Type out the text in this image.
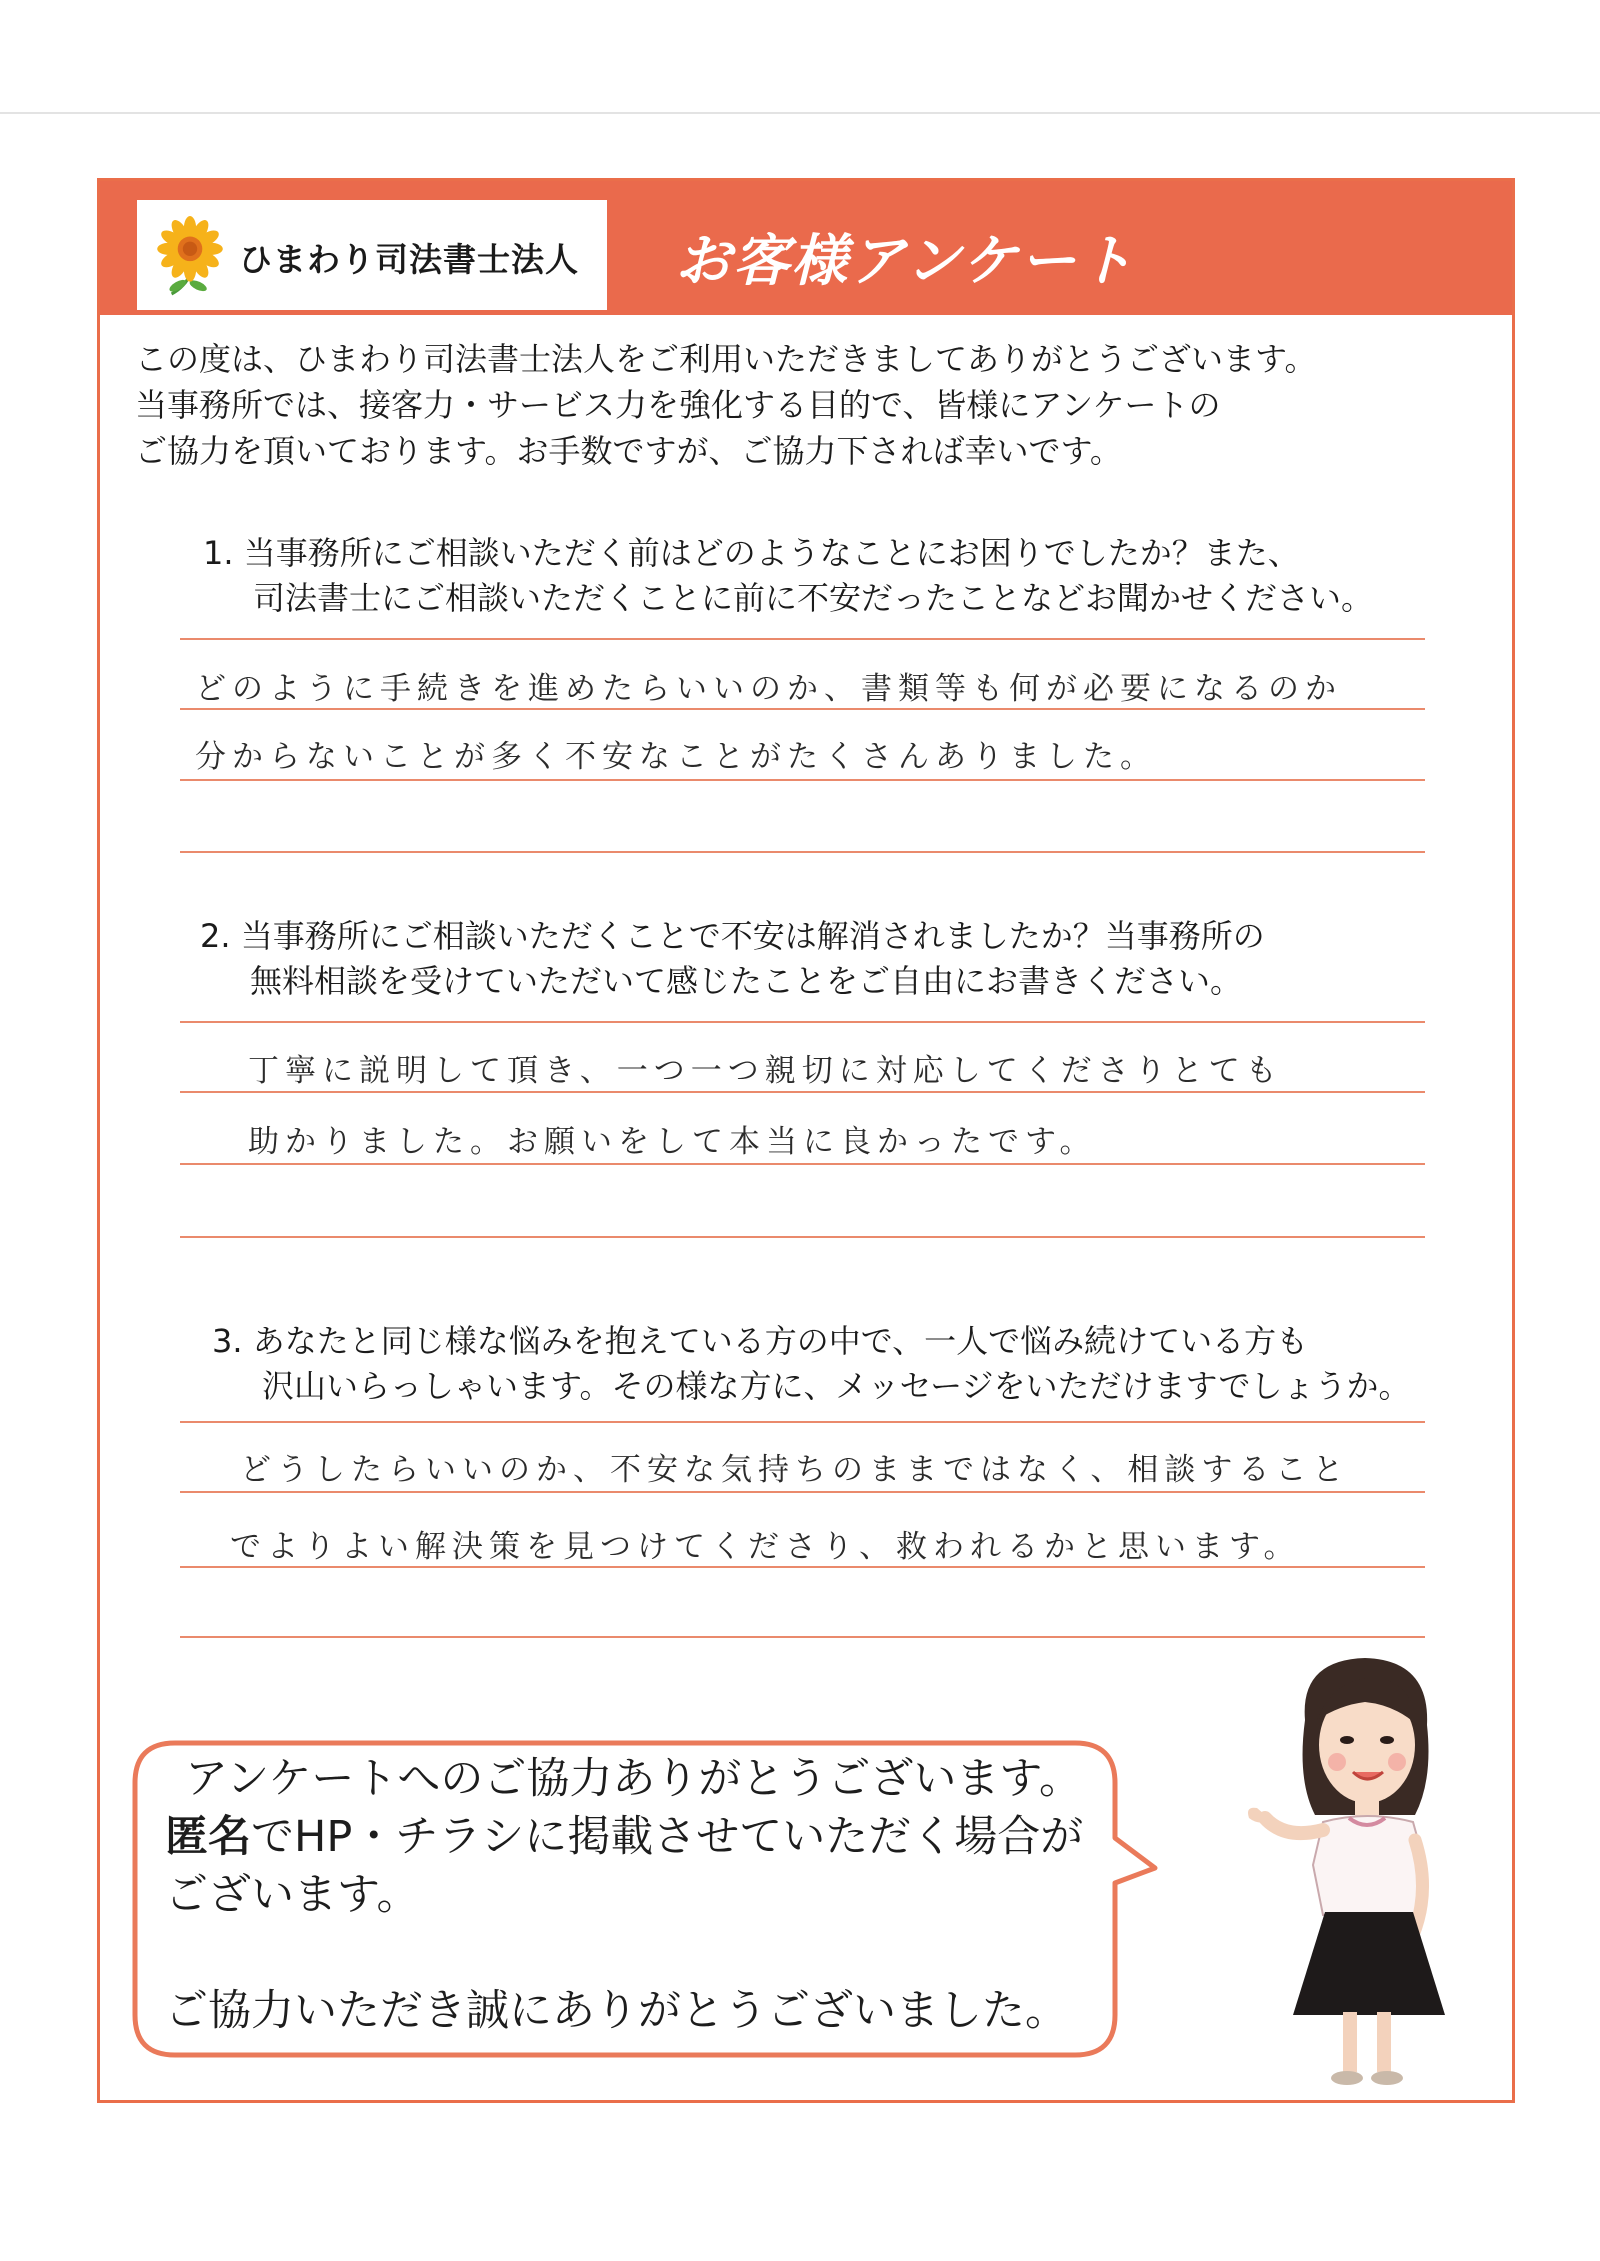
ひまわり司法書士法人 お客様アンケート
この度は、ひまわり司法書士法人をご利用いただきましてありがとうございます。
当事務所では、接客力・サービス力を強化する目的で、皆様にアンケートの
ご協力を頂いております。お手数ですが、ご協力下されば幸いです。
1. 当事務所にご相談いただく前はどのようなことにお困りでしたか？また、
司法書士にご相談いただくことに前に不安だったことなどお聞かせください。
どのように手続きを進めたらいいのか、書類等も何が必要になるのか
分からないことが多く不安なことがたくさんありました。
2. 当事務所にご相談いただくことで不安は解消されましたか？当事務所の
無料相談を受けていただいて感じたことをご自由にお書きください。
丁寧に説明して頂き、一つ一つ親切に対応してくださりとても
助かりました。お願いをして本当に良かったです。
3. あなたと同じ様な悩みを抱えている方の中で、一人で悩み続けている方も
沢山いらっしゃいます。その様な方に、メッセージをいただけますでしょうか。
どうしたらいいのか、不安な気持ちのままではなく、相談すること
でよりよい解決策を見つけてくださり、救われるかと思います。
アンケートへのご協力ありがとうございます。
匿名でHP・チラシに掲載させていただく場合が
ございます。
ご協力いただき誠にありがとうございました。
